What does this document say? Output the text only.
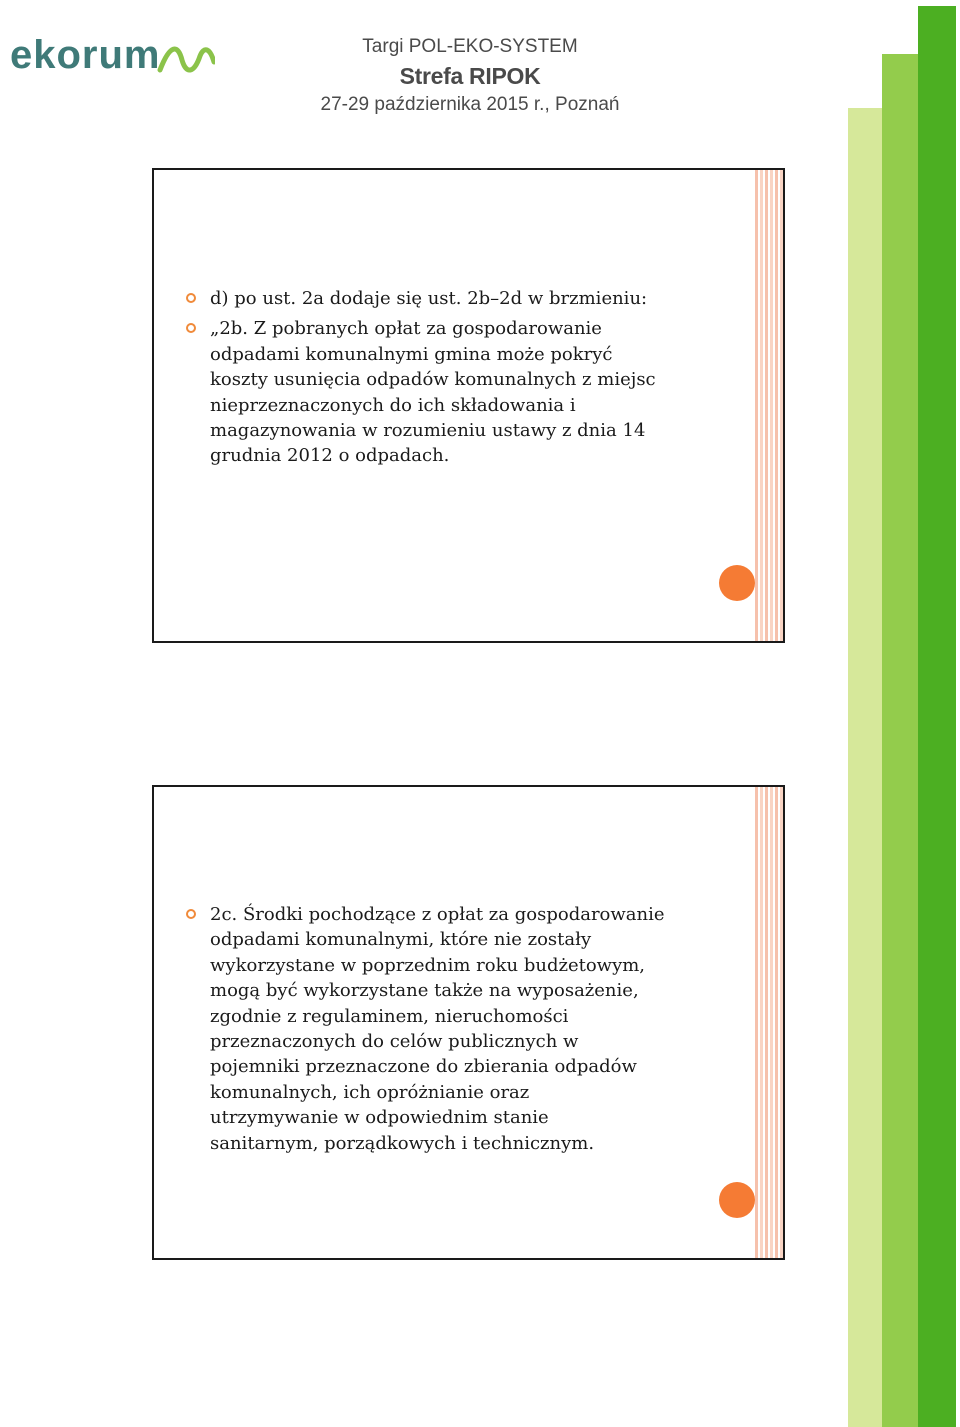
ekorum	Targi POL-EKO-SYSTEM
Strefa RIPOK
27-29 października 2015 r., Poznań
d) po ust. 2a dodaje się ust. 2b–2d w brzmieniu:
„2b. Z pobranych opłat za gospodarowanie
odpadami komunalnymi gmina może pokryć
koszty usunięcia odpadów komunalnych z miejsc
nieprzeznaczonych do ich składowania i
magazynowania w rozumieniu ustawy z dnia 14
grudnia 2012 o odpadach.
2c. Środki pochodzące z opłat za gospodarowanie
odpadami komunalnymi, które nie zostały
wykorzystane w poprzednim roku budżetowym,
mogą być wykorzystane także na wyposażenie,
zgodnie z regulaminem, nieruchomości
przeznaczonych do celów publicznych w
pojemniki przeznaczone do zbierania odpadów
komunalnych, ich opróżnianie oraz
utrzymywanie w odpowiednim stanie
sanitarnym, porządkowych i technicznym.
